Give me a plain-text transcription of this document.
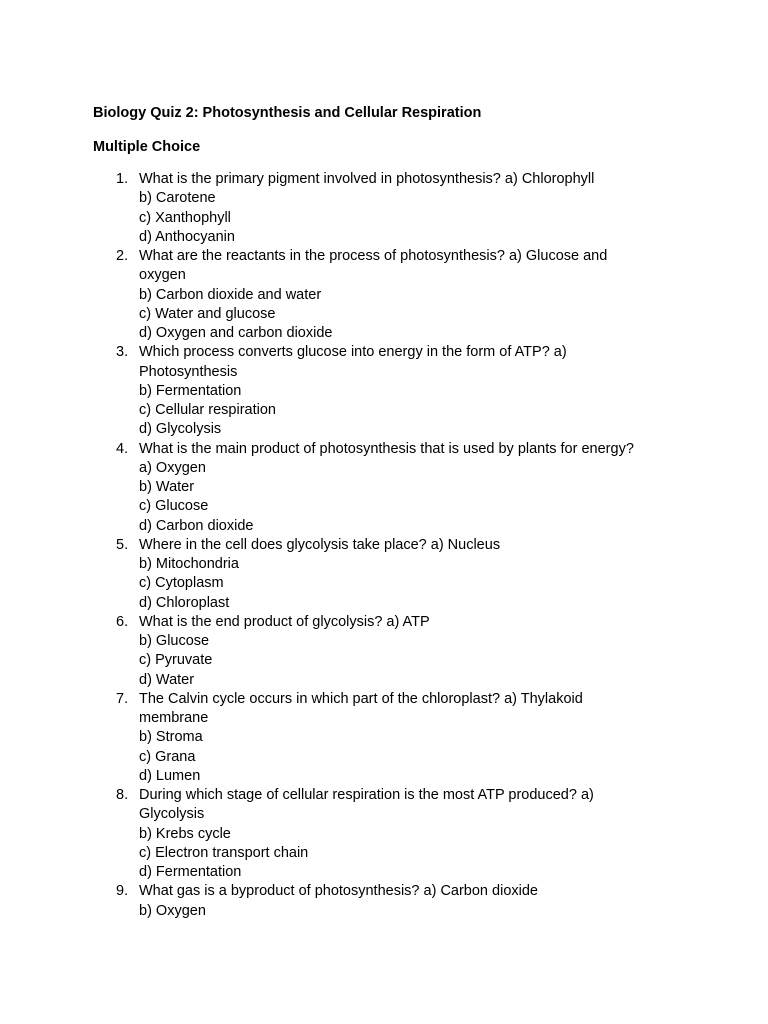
Biology Quiz 2: Photosynthesis and Cellular Respiration
Multiple Choice
1. What is the primary pigment involved in photosynthesis? a) Chlorophyll
b) Carotene
c) Xanthophyll
d) Anthocyanin
2. What are the reactants in the process of photosynthesis? a) Glucose and
oxygen
b) Carbon dioxide and water
c) Water and glucose
d) Oxygen and carbon dioxide
3. Which process converts glucose into energy in the form of ATP? a)
Photosynthesis
b) Fermentation
c) Cellular respiration
d) Glycolysis
4. What is the main product of photosynthesis that is used by plants for energy?
a) Oxygen
b) Water
c) Glucose
d) Carbon dioxide
5. Where in the cell does glycolysis take place? a) Nucleus
b) Mitochondria
c) Cytoplasm
d) Chloroplast
6. What is the end product of glycolysis? a) ATP
b) Glucose
c) Pyruvate
d) Water
7. The Calvin cycle occurs in which part of the chloroplast? a) Thylakoid
membrane
b) Stroma
c) Grana
d) Lumen
8. During which stage of cellular respiration is the most ATP produced? a)
Glycolysis
b) Krebs cycle
c) Electron transport chain
d) Fermentation
9. What gas is a byproduct of photosynthesis? a) Carbon dioxide
b) Oxygen
